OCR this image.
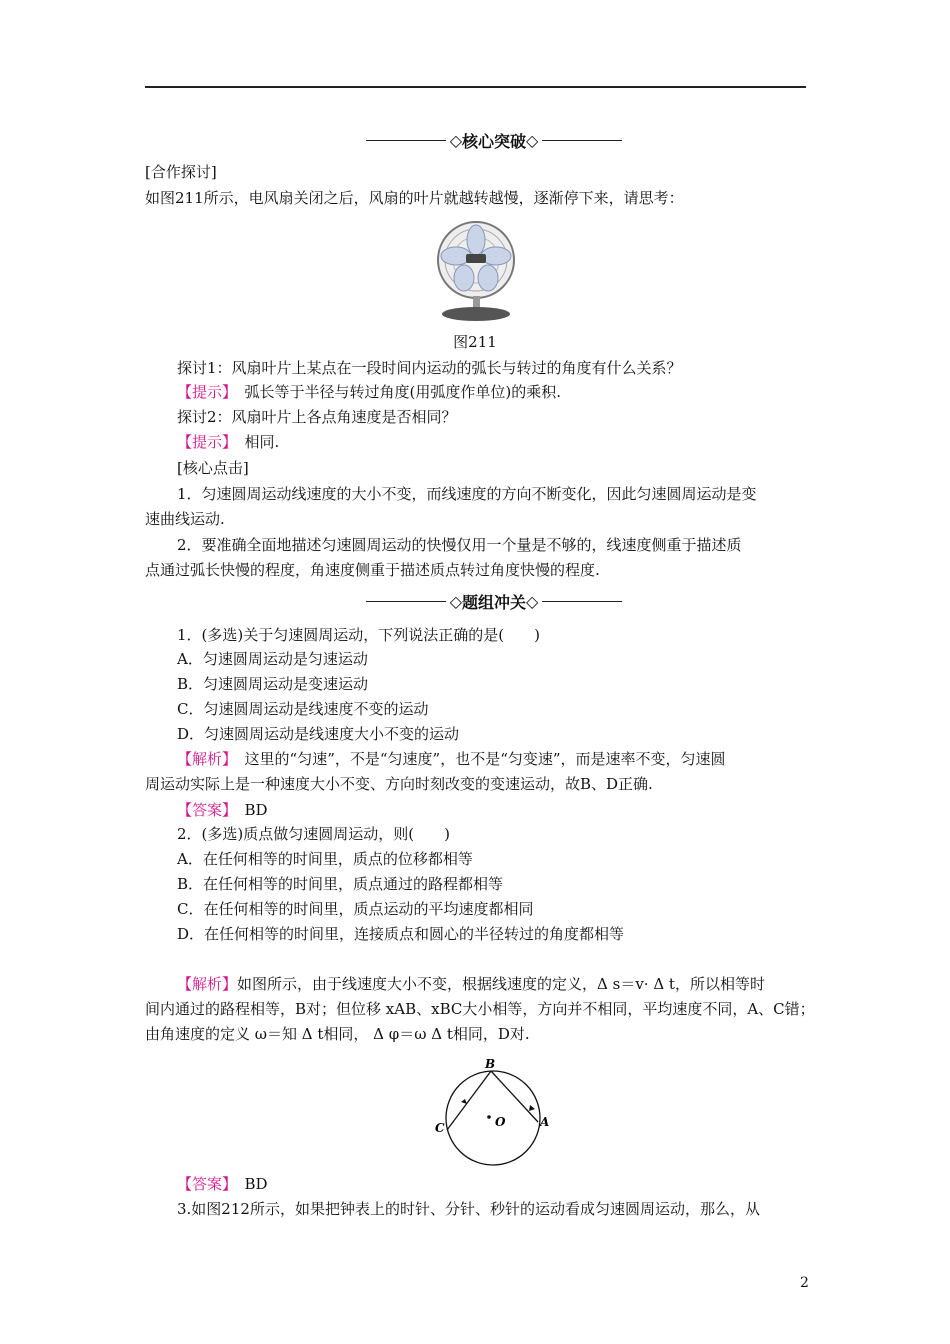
◇ 核心突破 ◇
[合作探讨]
如图211所示，电风扇关闭之后，风扇的叶片就越转越慢，逐渐停下来，请思考：
图211
探讨1：风扇叶片上某点在一段时间内运动的弧长与转过的角度有什么关系？
【提示】　 弧长等于半径与转过角度(用弧度作单位)的乘积.
探讨2：风扇叶片上各点角速度是否相同？
【提示】　 相同.
[核心点击]
1．匀速圆周运动线速度的大小不变，而线速度的方向不断变化，因此匀速圆周运动是变
速曲线运动.
2．要准确全面地描述匀速圆周运动的快慢仅用一个量是不够的，线速度侧重于描述质
点通过弧长快慢的程度，角速度侧重于描述质点转过角度快慢的程度.
◇ 题组冲关 ◇
1．(多选)关于匀速圆周运动，下列说法正确的是(　　)
A．匀速圆周运动是匀速运动
B．匀速圆周运动是变速运动
C．匀速圆周运动是线速度不变的运动
D．匀速圆周运动是线速度大小不变的运动
【解析】　 这里的“匀速”，不是“匀速度”，也不是“匀变速”，而是速率不变，匀速圆
周运动实际上是一种速度大小不变、方向时刻改变的变速运动，故B、D正确.
【答案】　 BD
2．(多选)质点做匀速圆周运动，则(　　)
A．在任何相等的时间里，质点的位移都相等
B．在任何相等的时间里，质点通过的路程都相等
C．在任何相等的时间里，质点运动的平均速度都相同
D．在任何相等的时间里，连接质点和圆心的半径转过的角度都相等
【解析】如图所示，由于线速度大小不变，根据线速度的定义，Δ s＝v· Δ t，所以相等时
间内通过的路程相等，B对；但位移 xAB、xBC大小相等，方向并不相同，平均速度不同，A、C错；
由角速度的定义 ω＝知 Δ t相同， Δ φ＝ω Δ t相同，D对.
B
O	A
C
【答案】　 BD
3.如图212所示，如果把钟表上的时针、分针、秒针的运动看成匀速圆周运动，那么，从
2
